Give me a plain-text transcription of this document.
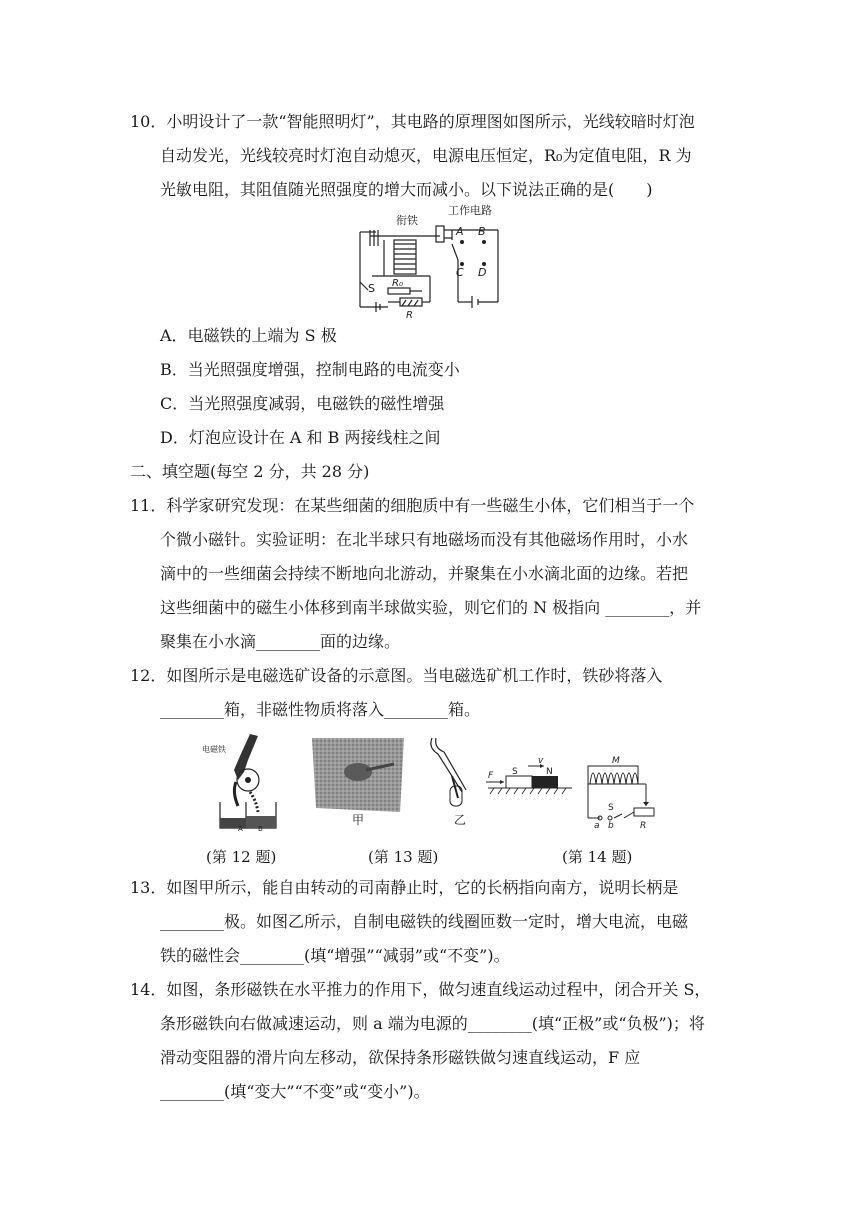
10．小明设计了一款“智能照明灯”，其电路的原理图如图所示，光线较暗时灯泡
自动发光，光线较亮时灯泡自动熄灭，电源电压恒定，R₀为定值电阻，R 为
光敏电阻，其阻值随光照强度的增大而减小。以下说法正确的是(　　)
衔铁
工作电路
A B
C D
S R₀
R
A．电磁铁的上端为 S 极
B．当光照强度增强，控制电路的电流变小
C．当光照强度减弱，电磁铁的磁性增强
D．灯泡应设计在 A 和 B 两接线柱之间
二、填空题(每空 2 分，共 28 分)
11．科学家研究发现：在某些细菌的细胞质中有一些磁生小体，它们相当于一个
个微小磁针。实验证明：在北半球只有地磁场而没有其他磁场作用时，小水
滴中的一些细菌会持续不断地向北游动，并聚集在小水滴北面的边缘。若把
这些细菌中的磁生小体移到南半球做实验，则它们的 N 极指向 ________，并
聚集在小水滴________面的边缘。
12．如图所示是电磁选矿设备的示意图。当电磁选矿机工作时，铁砂将落入
________箱，非磁性物质将落入________箱。
电磁铁
A B
甲	乙
F S	N
v	M
S
a b	R
(第 12 题)	(第 13 题)	(第 14 题)
13．如图甲所示，能自由转动的司南静止时，它的长柄指向南方，说明长柄是
________极。如图乙所示，自制电磁铁的线圈匝数一定时，增大电流，电磁
铁的磁性会________(填“增强”“减弱”或“不变”)。
14．如图，条形磁铁在水平推力的作用下，做匀速直线运动过程中，闭合开关 S，
条形磁铁向右做减速运动，则 a 端为电源的________(填“正极”或“负极”)；将
滑动变阻器的滑片向左移动，欲保持条形磁铁做匀速直线运动，F 应
________(填“变大”“不变”或“变小”)。
